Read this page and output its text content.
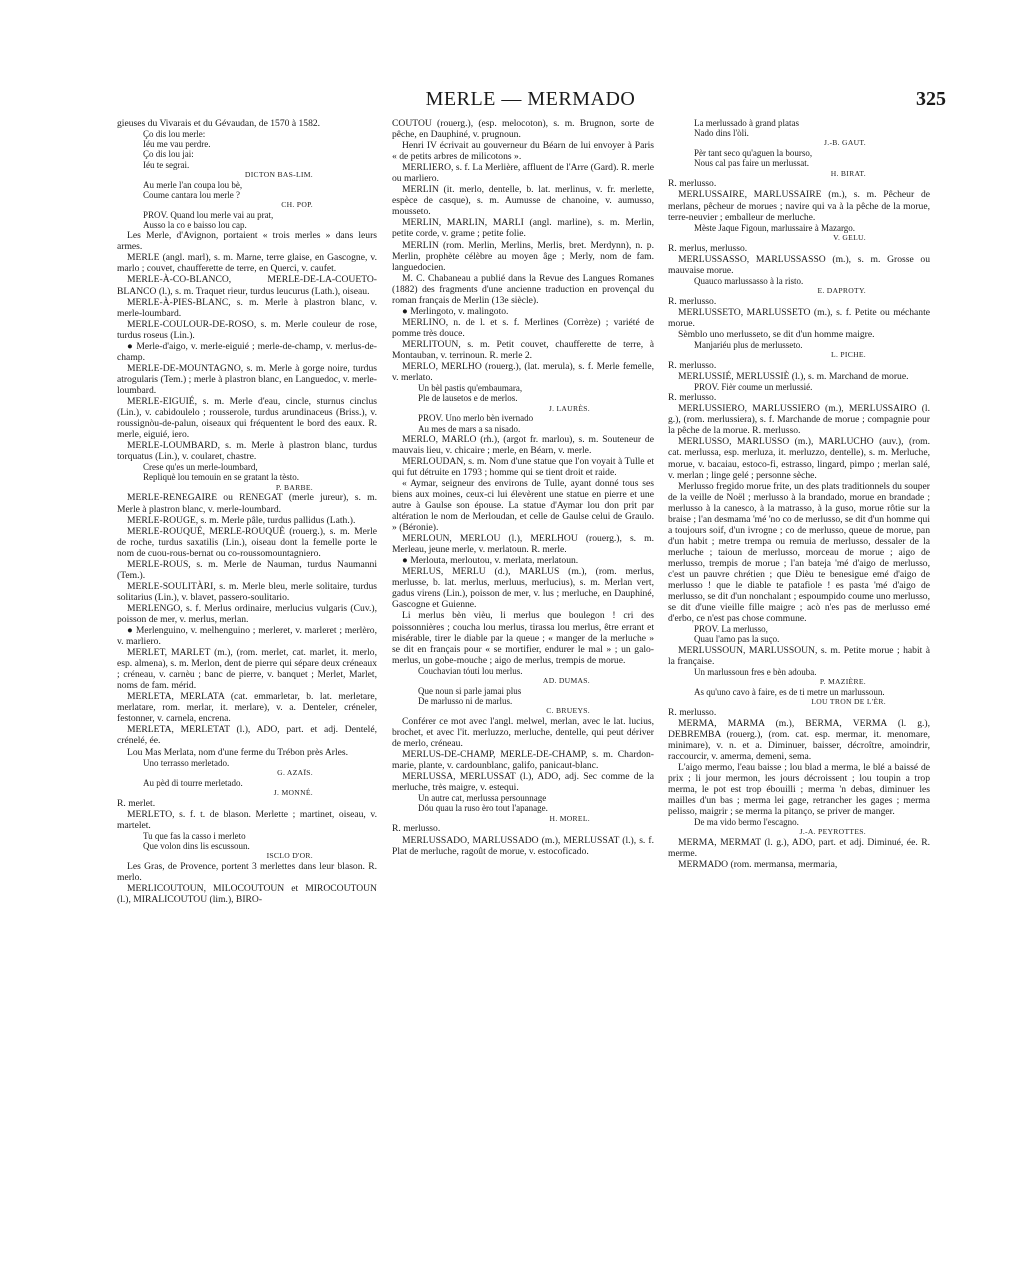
MERLE — MERMADO	325

gieuses du Vivarais et du Gévaudan, de 1570 à 1582.

Ço dis lou merle:

Iéu me vau perdre.

Ço dis lou jai:

Iéu te segrai.

DICTON BAS-LIM.

Au merle l'an coupa lou bè,

Coume cantara lou merle ?

CH. POP.

PROV. Quand lou merle vai au prat,

Ausso la co e baisso lou cap.

Les Merle, d'Avignon, portaient « trois merles » dans leurs armes.

MERLE (angl. marl), s. m. Marne, terre glaise, en Gascogne, v. marlo ; couvet, chaufferette de terre, en Querci, v. caufet.

MERLE-À-CO-BLANCO, MERLE-DE-LA-COUETO-BLANCO (l.), s. m. Traquet rieur, turdus leucurus (Lath.), oiseau.

MERLE-À-PIES-BLANC, s. m. Merle à plastron blanc, v. merle-loumbard.

MERLE-COULOUR-DE-ROSO, s. m. Merle couleur de rose, turdus roseus (Lin.).

● Merle-d'aigo, v. merle-eiguié ; merle-de-champ, v. merlus-de-champ.

MERLE-DE-MOUNTAGNO, s. m. Merle à gorge noire, turdus atrogularis (Tem.) ; merle à plastron blanc, en Languedoc, v. merle-loumbard.

MERLE-EIGUIÉ, s. m. Merle d'eau, cincle, sturnus cinclus (Lin.), v. cabidoulelo ; rousserole, turdus arundinaceus (Briss.), v. roussignòu-de-palun, oiseaux qui fréquentent le bord des eaux. R. merle, eiguié, iero.

MERLE-LOUMBARD, s. m. Merle à plastron blanc, turdus torquatus (Lin.), v. coularet, chastre.

Crese qu'es un merle-loumbard,

Repliquè lou temouin en se gratant la tèsto.

P. BARBE.

MERLE-RENEGAIRE ou RENEGAT (merle jureur), s. m. Merle à plastron blanc, v. merle-loumbard.

MERLE-ROUGE, s. m. Merle pâle, turdus pallidus (Lath.).

MERLE-ROUQUÉ, MERLE-ROUQUÈ (rouerg.), s. m. Merle de roche, turdus saxatilis (Lin.), oiseau dont la femelle porte le nom de cuou-rous-bernat ou co-roussomountagniero.

MERLE-ROUS, s. m. Merle de Nauman, turdus Naumanni (Tem.).

MERLE-SOULITÀRI, s. m. Merle bleu, merle solitaire, turdus solitarius (Lin.), v. blavet, passero-soulitario.

MERLENGO, s. f. Merlus ordinaire, merlucius vulgaris (Cuv.), poisson de mer, v. merlus, merlan.

● Merlenguino, v. melhenguino ; merleret, v. marleret ; merlèro, v. marliero.

MERLET, MARLET (m.), (rom. merlet, cat. marlet, it. merlo, esp. almena), s. m. Merlon, dent de pierre qui sépare deux créneaux ; créneau, v. carnèu ; banc de pierre, v. banquet ; Merlet, Marlet, noms de fam. mérid.

MERLETA, MERLATA (cat. emmarletar, b. lat. merletare, merlatare, rom. merlar, it. merlare), v. a. Denteler, créneler, festonner, v. carnela, encrena.

MERLETA, MERLETAT (l.), ADO, part. et adj. Dentelé, crénelé, ée.

Lou Mas Merlata, nom d'une ferme du Trébon près Arles.

Uno terrasso merletado.

G. AZAÏS.

Au pèd di tourre merletado.

J. MONNÉ.

R. merlet.

MERLETO, s. f. t. de blason. Merlette ; martinet, oiseau, v. martelet.

Tu que fas la casso i merleto

Que volon dins lis escussoun.

ISCLO D'OR.

Les Gras, de Provence, portent 3 merlettes dans leur blason. R. merlo.

MERLICOUTOUN, MILOCOUTOUN et MIROCOUTOUN (l.), MIRALICOUTOU (lim.), BIRO-

COUTOU (rouerg.), (esp. melocoton), s. m. Brugnon, sorte de pêche, en Dauphiné, v. prugnoun.

Henri IV écrivait au gouverneur du Béarn de lui envoyer à Paris « de petits arbres de milicotons ».

MERLIERO, s. f. La Merlière, affluent de l'Arre (Gard). R. merle ou marliero.

MERLIN (it. merlo, dentelle, b. lat. merlinus, v. fr. merlette, espèce de casque), s. m. Aumusse de chanoine, v. aumusso, mousseto.

MERLIN, MARLIN, MARLI (angl. marline), s. m. Merlin, petite corde, v. grame ; petite folie.

MERLIN (rom. Merlin, Merlins, Merlis, bret. Merdynn), n. p. Merlin, prophète célèbre au moyen âge ; Merly, nom de fam. languedocien.

M. C. Chabaneau a publié dans la Revue des Langues Romanes (1882) des fragments d'une ancienne traduction en provençal du roman français de Merlin (13e siècle).

● Merlingoto, v. malingoto.

MERLINO, n. de l. et s. f. Merlines (Corrèze) ; variété de pomme très douce.

MERLITOUN, s. m. Petit couvet, chaufferette de terre, à Montauban, v. terrinoun. R. merle 2.

MERLO, MERLHO (rouerg.), (lat. merula), s. f. Merle femelle, v. merlato.

Un bèl pastis qu'embaumara,

Ple de lausetos e de merlos.

J. LAURÈS.

PROV. Uno merlo bèn ivernado

Au mes de mars a sa nisado.

MERLO, MARLO (rh.), (argot fr. marlou), s. m. Souteneur de mauvais lieu, v. chicaire ; merle, en Béarn, v. merle.

MERLOUDAN, s. m. Nom d'une statue que l'on voyait à Tulle et qui fut détruite en 1793 ; homme qui se tient droit et raide.

« Aymar, seigneur des environs de Tulle, ayant donné tous ses biens aux moines, ceux-ci lui élevèrent une statue en pierre et une autre à Gaulse son épouse. La statue d'Aymar lou don prit par altération le nom de Merloudan, et celle de Gaulse celui de Graulo. » (Béronie).

MERLOUN, MERLOU (l.), MERLHOU (rouerg.), s. m. Merleau, jeune merle, v. merlatoun. R. merle.

● Merlouta, merloutou, v. merlata, merlatoun.

MERLUS, MERLU (d.), MARLUS (m.), (rom. merlus, merlusse, b. lat. merlus, merluus, merlucius), s. m. Merlan vert, gadus virens (Lin.), poisson de mer, v. lus ; merluche, en Dauphiné, Gascogne et Guienne.

Li merlus bèn vièu, li merlus que boulegon ! cri des poissonnières ; coucha lou merlus, tirassa lou merlus, être errant et misérable, tirer le diable par la queue ; « manger de la merluche » se dit en français pour « se mortifier, endurer le mal » ; un galo-merlus, un gobe-mouche ; aigo de merlus, trempis de morue.

Couchavian tóuti lou merlus.

AD. DUMAS.

Que noun si parle jamai plus

De marlusso ni de marlus.

C. BRUEYS.

Conférer ce mot avec l'angl. melwel, merlan, avec le lat. lucius, brochet, et avec l'it. merluzzo, merluche, dentelle, qui peut dériver de merlo, créneau.

MERLUS-DE-CHAMP, MERLE-DE-CHAMP, s. m. Chardon-marie, plante, v. cardounblanc, galifo, panicaut-blanc.

MERLUSSA, MERLUSSAT (l.), ADO, adj. Sec comme de la merluche, très maigre, v. estequi.

Un autre cat, merlussa persounnage

Dóu quau la ruso èro tout l'apanage.

H. MOREL.

R. merlusso.

MERLUSSADO, MARLUSSADO (m.), MERLUSSAT (l.), s. f. Plat de merluche, ragoût de morue, v. estocoficado.

La merlussado à grand platas

Nado dins l'òli.

J.-B. GAUT.

Pèr tant seco qu'aguen la bourso,

Nous cal pas faire un merlussat.

H. BIRAT.

R. merlusso.

MERLUSSAIRE, MARLUSSAIRE (m.), s. m. Pêcheur de merlans, pêcheur de morues ; navire qui va à la pêche de la morue, terre-neuvier ; emballeur de merluche.

Mèste Jaque Figoun, marlussaire à Mazargo.

V. GELU.

R. merlus, merlusso.

MERLUSSASSO, MARLUSSASSO (m.), s. m. Grosse ou mauvaise morue.

Quauco marlussasso à la risto.

E. DAPROTY.

R. merlusso.

MERLUSSETO, MARLUSSETO (m.), s. f. Petite ou méchante morue.

Sèmblo uno merlusseto, se dit d'un homme maigre.

Manjariéu plus de merlusseto.

L. PICHE.

R. merlusso.

MERLUSSIÉ, MERLUSSIÈ (l.), s. m. Marchand de morue.

PROV. Fièr coume un merlussié.

R. merlusso.

MERLUSSIERO, MARLUSSIERO (m.), MERLUSSAIRO (l. g.), (rom. merlussiera), s. f. Marchande de morue ; compagnie pour la pêche de la morue. R. merlusso.

MERLUSSO, MARLUSSO (m.), MARLUCHO (auv.), (rom. cat. merlussa, esp. merluza, it. merluzzo, dentelle), s. m. Merluche, morue, v. bacaiau, estoco-fi, estrasso, lingard, pimpo ; merlan salé, v. merlan ; linge gelé ; personne sèche.

Merlusso fregido morue frite, un des plats traditionnels du souper de la veille de Noël ; merlusso à la brandado, morue en brandade ; merlusso à la canesco, à la matrasso, à la guso, morue rôtie sur la braise ; l'an desmama 'mé 'no co de merlusso, se dit d'un homme qui a toujours soif, d'un ivrogne ; co de merlusso, queue de morue, pan d'un habit ; metre trempa ou remuia de merlusso, dessaler de la merluche ; taioun de merlusso, morceau de morue ; aigo de merlusso, trempis de morue ; l'an bateja 'mé d'aigo de merlusso, c'est un pauvre chrétien ; que Dièu te benesigue emé d'aigo de merlusso ! que le diable te patafiole ! es pasta 'mé d'aigo de merlusso, se dit d'un nonchalant ; espoumpido coume uno merlusso, se dit d'une vieille fille maigre ; acò n'es pas de merlusso emé d'erbo, ce n'est pas chose commune.

PROV. La merlusso,

Quau l'amo pas la suço.

MERLUSSOUN, MARLUSSOUN, s. m. Petite morue ; habit à la française.

Un marlussoun fres e bèn adouba.

P. MAZIÈRE.

As qu'uno cavo à faire, es de ti metre un marlussoun.

LOU TRON DE L'ÈR.

R. merlusso.

MERMA, MARMA (m.), BERMA, VERMA (l. g.), DEBREMBA (rouerg.), (rom. cat. esp. mermar, it. menomare, minimare), v. n. et a. Diminuer, baisser, décroître, amoindrir, raccourcir, v. amerma, demeni, sema.

L'aigo mermo, l'eau baisse ; lou blad a merma, le blé a baissé de prix ; li jour mermon, les jours décroissent ; lou toupin a trop merma, le pot est trop ébouilli ; merma 'n debas, diminuer les mailles d'un bas ; merma lei gage, retrancher les gages ; merma pelisso, maigrir ; se merma la pitanço, se priver de manger.

De ma vido bermo l'escagno.

J.-A. PEYROTTES.

MERMA, MERMAT (l. g.), ADO, part. et adj. Diminué, ée. R. merme.

MERMADO (rom. mermansa, mermaria,
